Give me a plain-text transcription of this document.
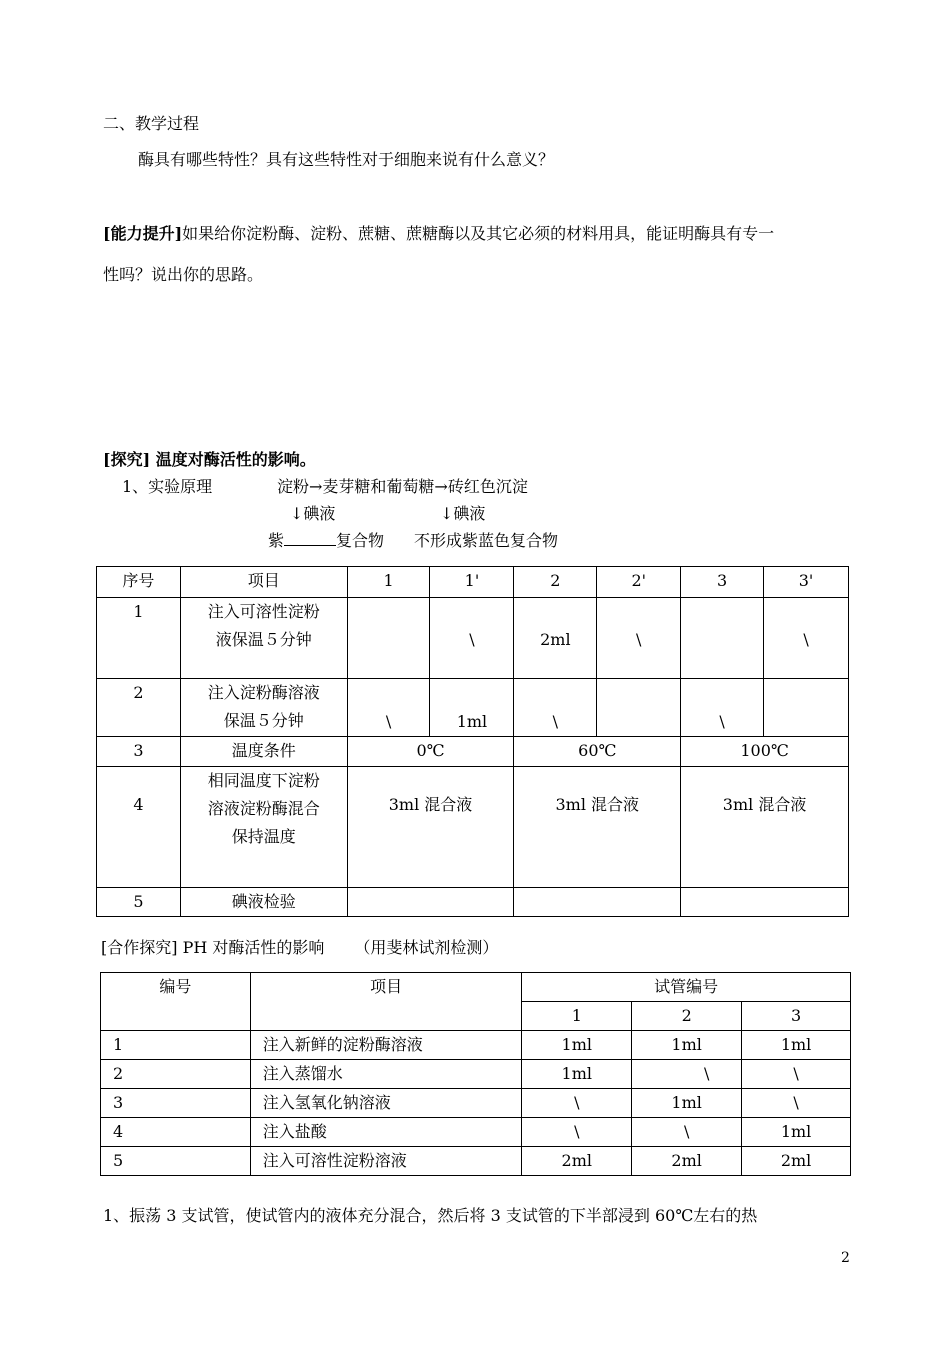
二、教学过程
酶具有哪些特性？具有这些特性对于细胞来说有什么意义？
[能力提升]如果给你淀粉酶、淀粉、蔗糖、蔗糖酶以及其它必须的材料用具，能证明酶具有专一
性吗？说出你的思路。
[探究] 温度对酶活性的影响。
1、实验原理	淀粉→麦芽糖和葡萄糖→砖红色沉淀
↓碘液	↓碘液
紫	复合物 不形成紫蓝色复合物
序号	项目	1	1'	2	2'	3	3'
1	注入可溶性淀粉
液保温５分钟		\	2ml	\		\
2	注入淀粉酶溶液
保温５分钟	\	1ml	\		\	
3	温度条件	0℃		60℃		100℃	
4	相同温度下淀粉
溶液淀粉酶混合
保持温度	3ml 混合液		3ml 混合液		3ml 混合液	
5	碘液检验						
[合作探究] PH 对酶活性的影响 （用斐林试剂检测）
编号	项目	试管编号		
		1	2	3
1	注入新鲜的淀粉酶溶液	1ml	1ml	1ml
2	注入蒸馏水	1ml	\	\
3	注入氢氧化钠溶液	\	1ml	\
4	注入盐酸	\	\	1ml
5	注入可溶性淀粉溶液	2ml	2ml	2ml
1、振荡 3 支试管，使试管内的液体充分混合，然后将 3 支试管的下半部浸到 60℃左右的热
2
